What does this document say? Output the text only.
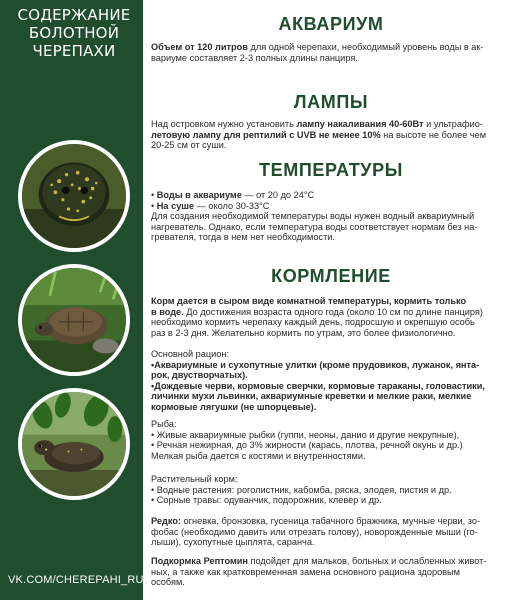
СОДЕРЖАНИЕ
БОЛОТНОЙ
ЧЕРЕПАХИ
VK.COM/CHEREPAHI_RU
АКВАРИУМ
Объем от 120 литров для одной черепахи, необходимый уровень воды в ак-
вариуме составляет 2-3 полных длины панциря.
ЛАМПЫ
Над островком нужно установить лампу накаливания 40-60Вт и ультрафио-
летовую лампу для рептилий с UVB не менее 10% на высоте не более чем
20-25 см от суши.
ТЕМПЕРАТУРЫ
• Воды в аквариуме — от 20 до 24°С
• На суше — около 30-33°С
Для создания необходимой температуры воды нужен водный аквариумный
нагреватель. Однако, если температура воды соответствует нормам без на-
гревателя, тогда в нем нет необходимости.
КОРМЛЕНИЕ
Корм дается в сыром виде комнатной температуры, кормить только
в воде. До достижения возраста одного года (около 10 см по длине панциря)
необходимо кормить черепаху каждый день, подросшую и окрепшую особь
раз в 2-3 дня. Желательно кормить по утрам, это более физиологично.
Основной рацион:
•Аквариумные и сухопутные улитки (кроме прудовиков, лужанок, янта-
рок, двустворчатых).
•Дождевые черви, кормовые сверчки, кормовые тараканы, головастики,
личинки мухи львинки, аквариумные креветки и мелкие раки, мелкие
кормовые лягушки (не шпорцевые).
Рыба:
• Живые аквариумные рыбки (гуппи, неоны, данио и другие некрупные),
• Речная нежирная, до 3% жирности (карась, плотва, речной окунь и др.)
Мелкая рыба дается с костями и внутренностями.
Растительный корм:
• Водные растения: роголистник, кабомба, ряска, элодея, пистия и др.
• Сорные травы: одуванчик, подорожник, клевер и др.
Редко: огневка, бронзовка, гусеница табачного бражника, мучные черви, зо-
фобас (необходимо давить или отрезать голову), новорожденные мыши (го-
лыши), сухопутные цыплята, саранча.
Подкормка Рептомин подойдет для мальков, больных и ослабленных живот-
ных, а также как кратковременная замена основного рациона здоровым
особям.
